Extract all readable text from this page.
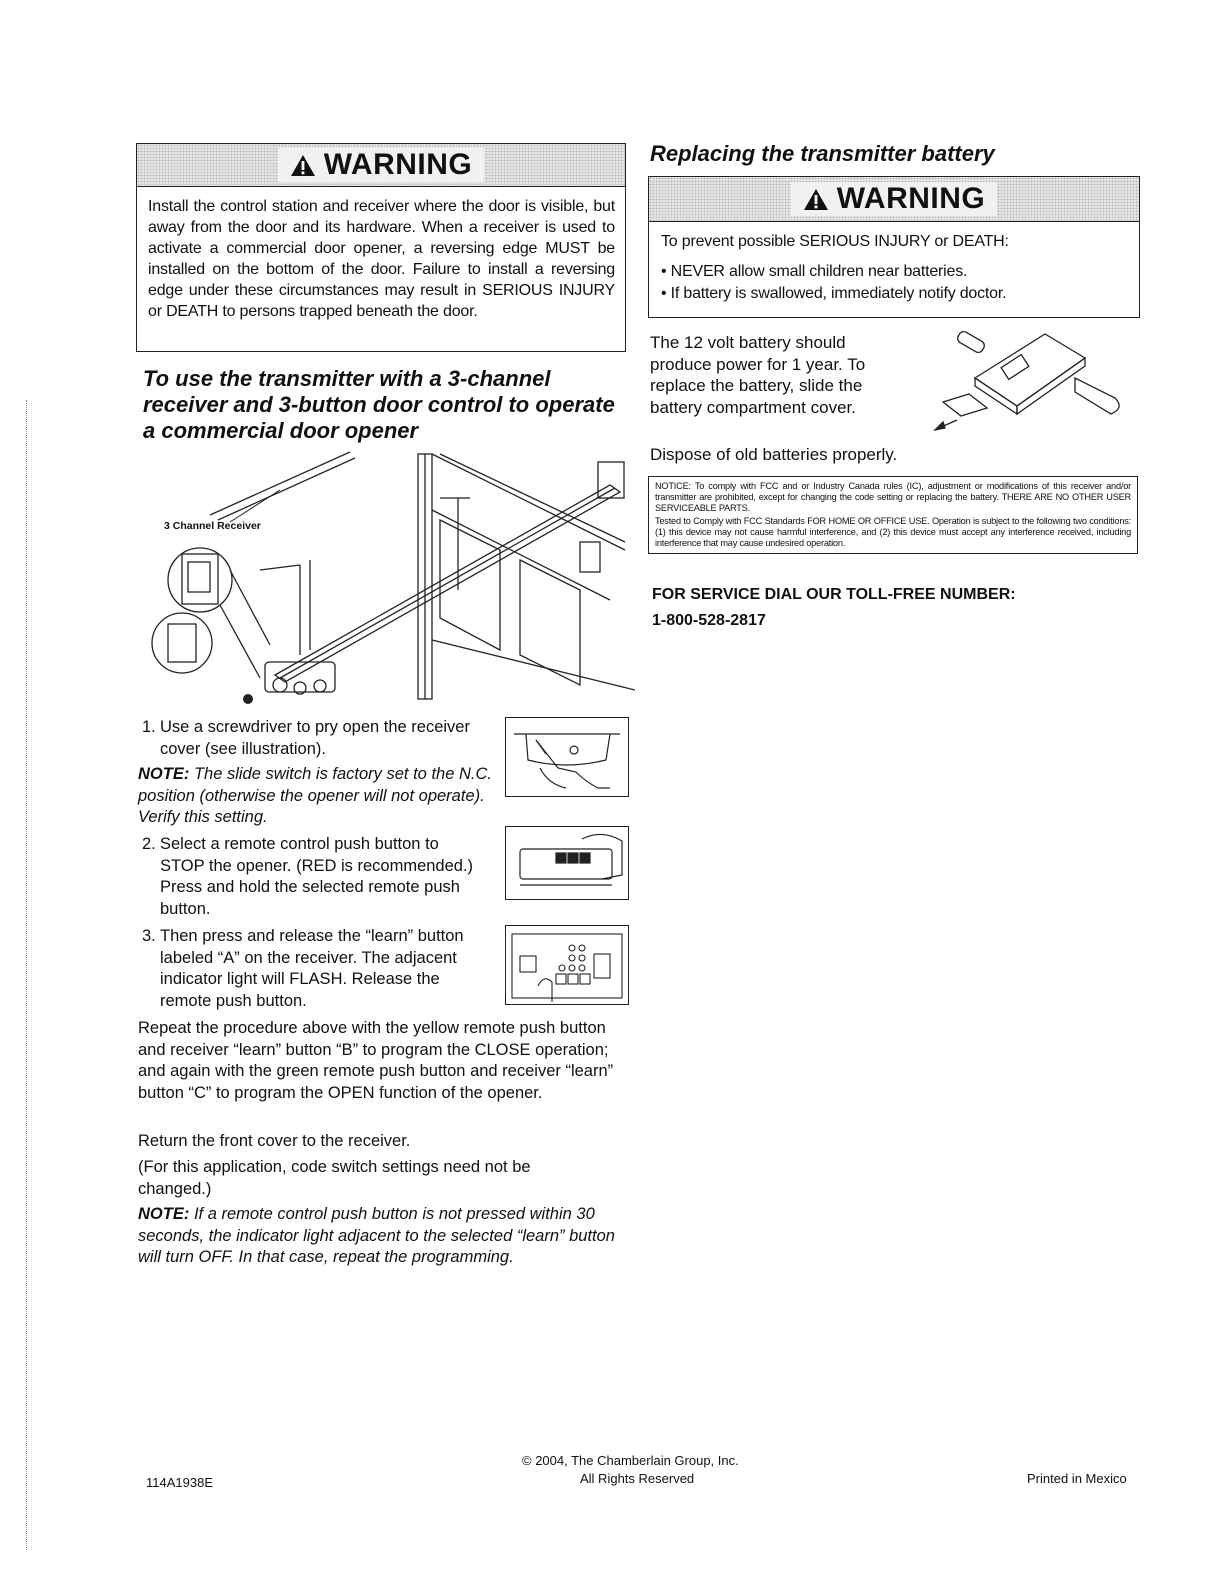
WARNING
Install the control station and receiver where the door is visible, but away from the door and its hardware. When a receiver is used to activate a commercial door opener, a reversing edge MUST be installed on the bottom of the door. Failure to install a reversing edge under these circumstances may result in SERIOUS INJURY or DEATH to persons trapped beneath the door.
To use the transmitter with a 3-channel receiver and 3-button door control to operate a commercial door opener
3 Channel Receiver
1. Use a screwdriver to pry open the receiver cover (see illustration).
NOTE: The slide switch is factory set to the N.C. position (otherwise the opener will not operate). Verify this setting.
2. Select a remote control push button to STOP the opener. (RED is recommended.) Press and hold the selected remote push button.
3. Then press and release the “learn” button labeled “A” on the receiver. The adjacent indicator light will FLASH. Release the remote push button.
Repeat the procedure above with the yellow remote push button and receiver “learn” button “B” to program the CLOSE operation; and again with the green remote push button and receiver “learn” button “C” to program the OPEN function of the opener.
Return the front cover to the receiver.
(For this application, code switch settings need not be changed.)
NOTE: If a remote control push button is not pressed within 30 seconds, the indicator light adjacent to the selected “learn” button will turn OFF. In that case, repeat the programming.
Replacing the transmitter battery
WARNING
To prevent possible SERIOUS INJURY or DEATH:
• NEVER allow small children near batteries.
• If battery is swallowed, immediately notify doctor.
The 12 volt battery should produce power for 1 year. To replace the battery, slide the battery compartment cover.
Dispose of old batteries properly.

NOTICE: To comply with FCC and or Industry Canada rules (IC), adjustment or modifications of this receiver and/or transmitter are prohibited, except for changing the code setting or replacing the battery. THERE ARE NO OTHER USER SERVICEABLE PARTS.

Tested to Comply with FCC Standards FOR HOME OR OFFICE USE. Operation is subject to the following two conditions: (1) this device may not cause harmful interference, and (2) this device must accept any interference received, including interference that may cause undesired operation.

FOR SERVICE DIAL OUR TOLL-FREE NUMBER:
1-800-528-2817
114A1938E
© 2004, The Chamberlain Group, Inc.
All Rights Reserved	Printed in Mexico
